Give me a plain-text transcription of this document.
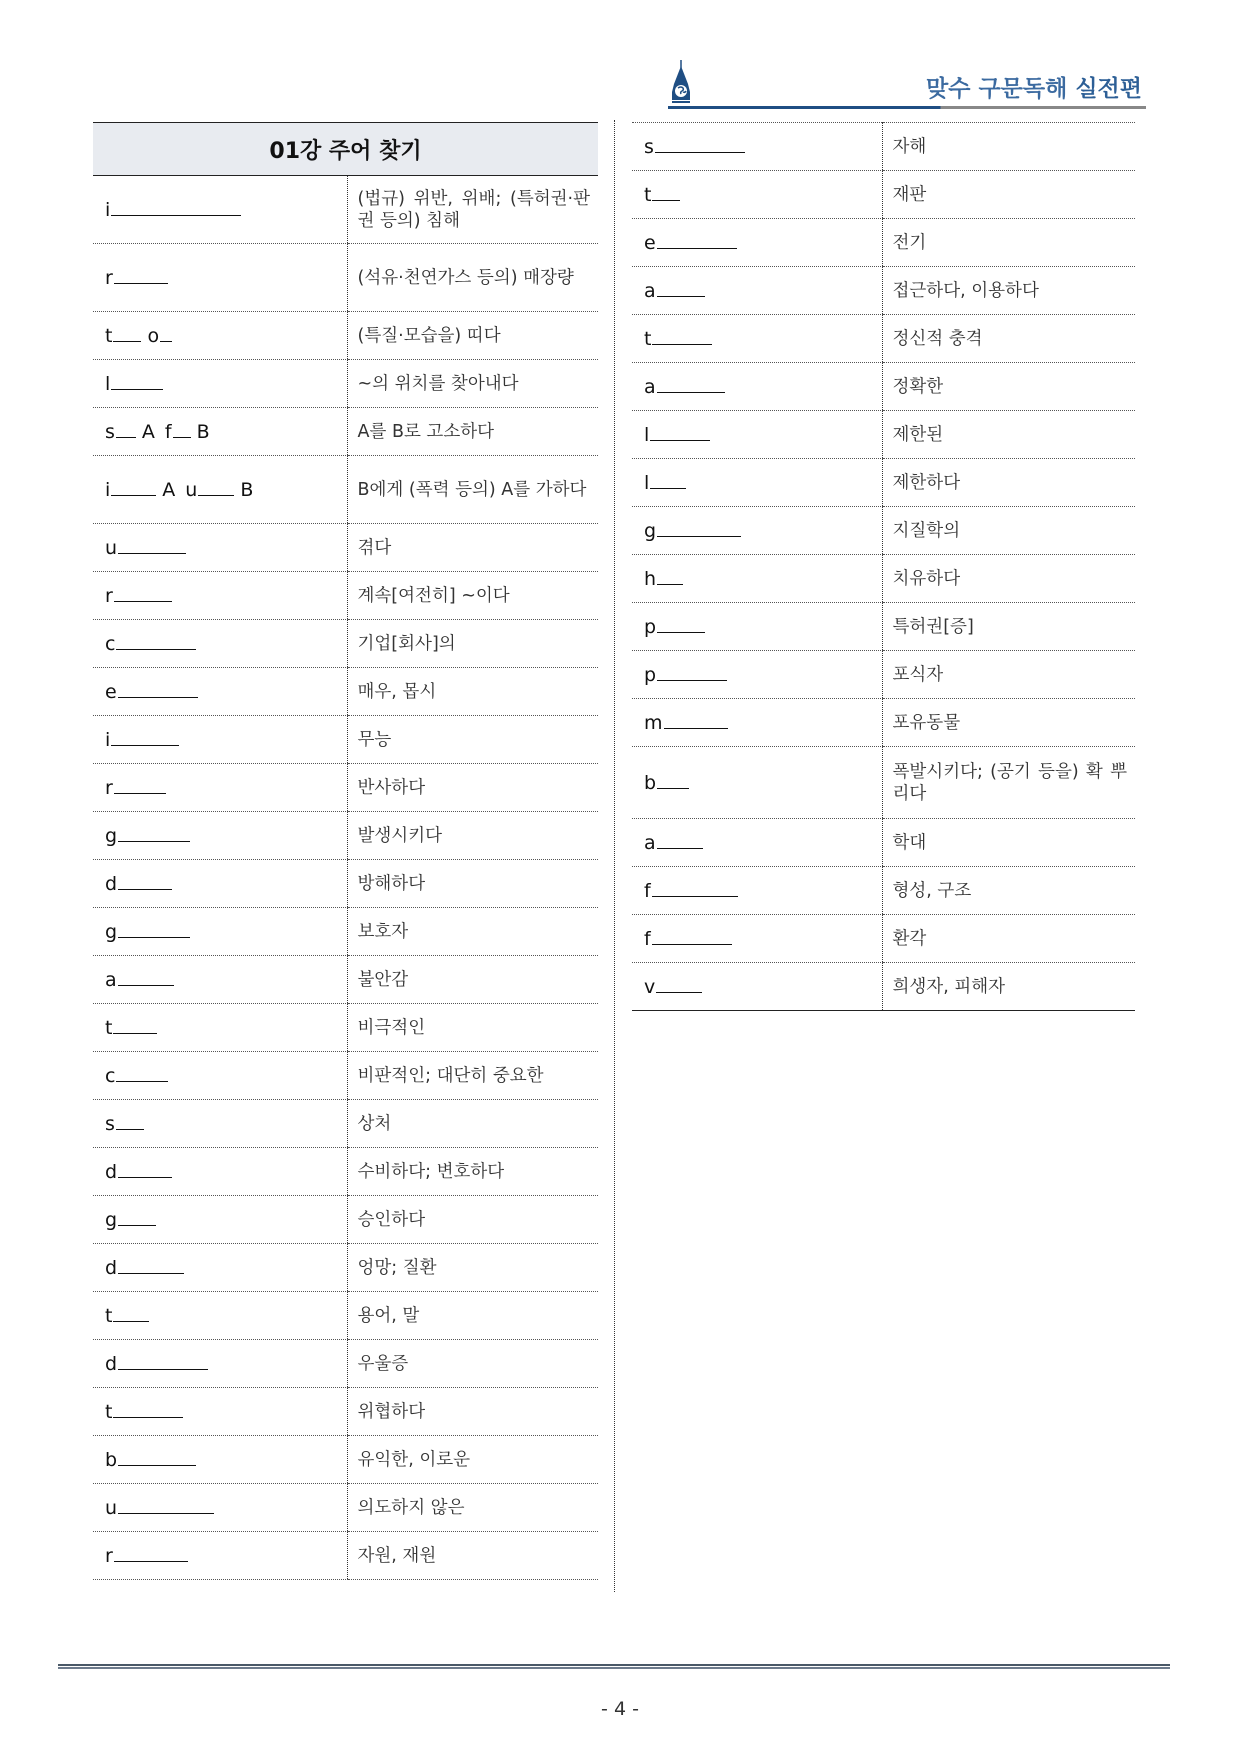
맞수 구문독해 실전편
01강 주어 찾기	
i	(법규) 위반, 위배; (특허권·판권 등의) 침해
r	(석유·천연가스 등의) 매장량
t o	(특질·모습을) 띠다
l	~의 위치를 찾아내다
s A f B	A를 B로 고소하다
i A u B	B에게 (폭력 등의) A를 가하다
u	겪다
r	계속[여전히] ~이다
c	기업[회사]의
e	매우, 몹시
i	무능
r	반사하다
g	발생시키다
d	방해하다
g	보호자
a	불안감
t	비극적인
c	비판적인; 대단히 중요한
s	상처
d	수비하다; 변호하다
g	승인하다
d	엉망; 질환
t	용어, 말
d	우울증
t	위협하다
b	유익한, 이로운
u	의도하지 않은
r	자원, 재원
s	자해
t	재판
e	전기
a	접근하다, 이용하다
t	정신적 충격
a	정확한
l	제한된
l	제한하다
g	지질학의
h	치유하다
p	특허권[증]
p	포식자
m	포유동물
b	폭발시키다; (공기 등을) 확 뿌리다
a	학대
f	형성, 구조
f	환각
v	희생자, 피해자
- 4 -
